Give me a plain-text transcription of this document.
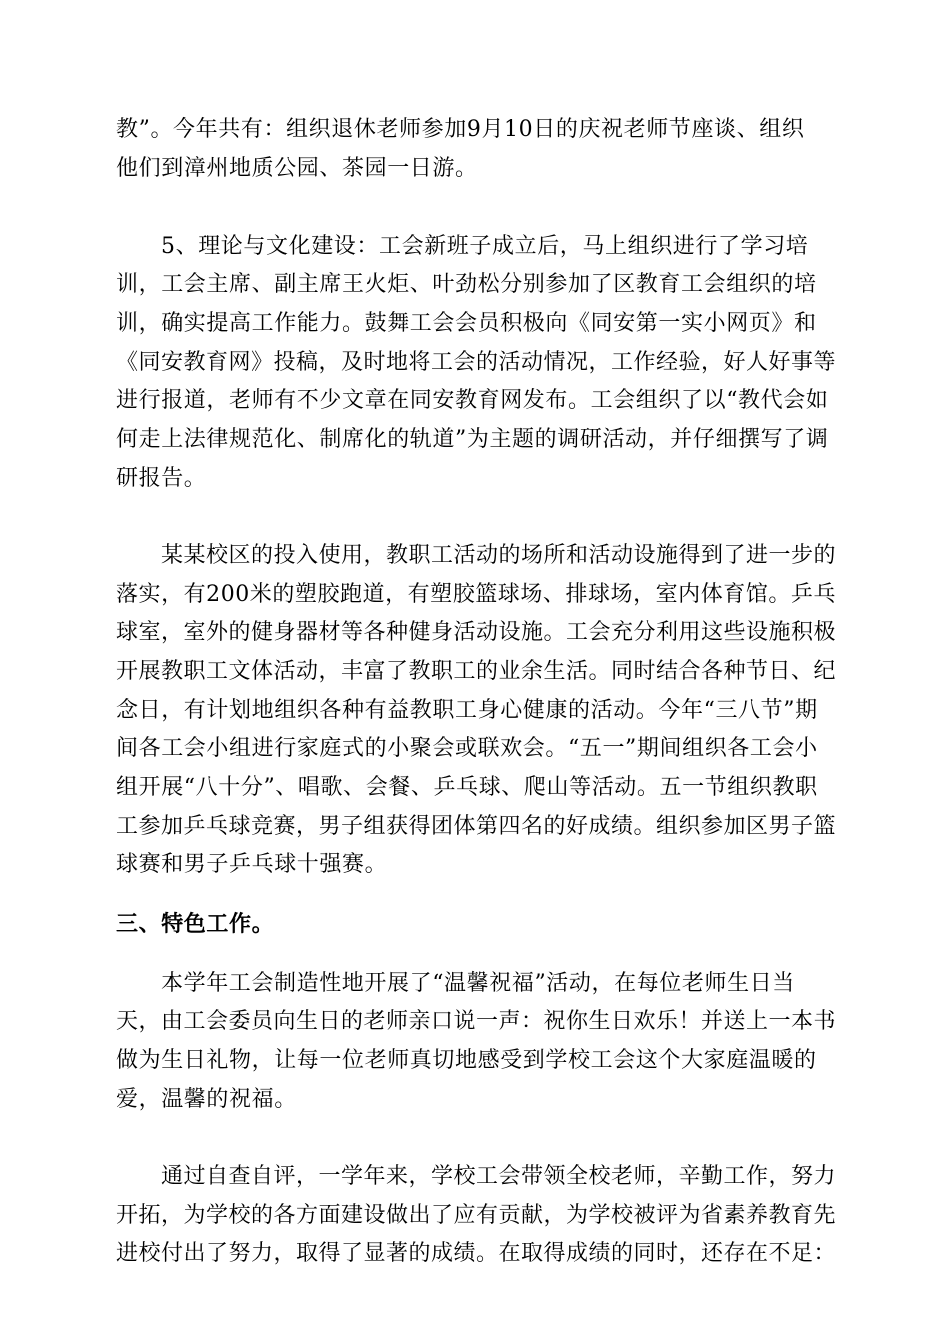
教”。今年共有：组织退休老师参加9月10日的庆祝老师节座谈、组织
他们到漳州地质公园、茶园一日游。
5、理论与文化建设：工会新班子成立后，马上组织进行了学习培
训，工会主席、副主席王火炬、叶劲松分别参加了区教育工会组织的培
训，确实提高工作能力。鼓舞工会会员积极向《同安第一实小网页》和
《同安教育网》投稿，及时地将工会的活动情况，工作经验，好人好事等
进行报道，老师有不少文章在同安教育网发布。工会组织了以“教代会如
何走上法律规范化、制席化的轨道”为主题的调研活动，并仔细撰写了调
研报告。
某某校区的投入使用，教职工活动的场所和活动设施得到了进一步的
落实，有200米的塑胶跑道，有塑胶篮球场、排球场，室内体育馆。乒乓
球室，室外的健身器材等各种健身活动设施。工会充分利用这些设施积极
开展教职工文体活动，丰富了教职工的业余生活。同时结合各种节日、纪
念日，有计划地组织各种有益教职工身心健康的活动。今年“三八节”期
间各工会小组进行家庭式的小聚会或联欢会。“五一”期间组织各工会小
组开展“八十分”、唱歌、会餐、乒乓球、爬山等活动。五一节组织教职
工参加乒乓球竞赛，男子组获得团体第四名的好成绩。组织参加区男子篮
球赛和男子乒乓球十强赛。
三、特色工作。
本学年工会制造性地开展了“温馨祝福”活动，在每位老师生日当
天，由工会委员向生日的老师亲口说一声：祝你生日欢乐！并送上一本书
做为生日礼物，让每一位老师真切地感受到学校工会这个大家庭温暖的
爱，温馨的祝福。
通过自查自评，一学年来，学校工会带领全校老师，辛勤工作，努力
开拓，为学校的各方面建设做出了应有贡献，为学校被评为省素养教育先
进校付出了努力，取得了显著的成绩。在取得成绩的同时，还存在不足：
